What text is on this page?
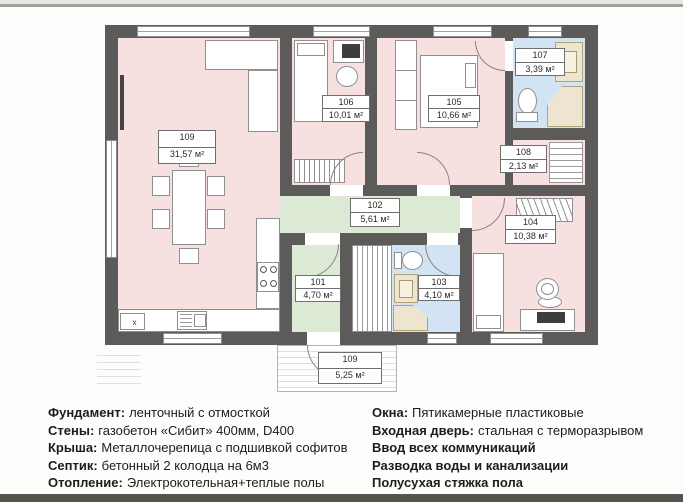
x
109
31,57 м²
106
10,01 м²
105
10,66 м²
107
3,39 м²
108
2,13 м²
102
5,61 м²
101
4,70 м²
103
4,10 м²
104
10,38 м²
109
5,25 м²
Фундамент: ленточный с отмосткой
Стены: газобетон «Сибит» 400мм, D400
Крыша: Металлочерепица с подшивкой софитов
Септик: бетонный 2 колодца на 6м3
Отопление: Электрокотельная+теплые полы
Окна: Пятикамерные пластиковые
Входная дверь: стальная с терморазрывом
Ввод всех коммуникаций
Разводка воды и канализации
Полусухая стяжка пола
